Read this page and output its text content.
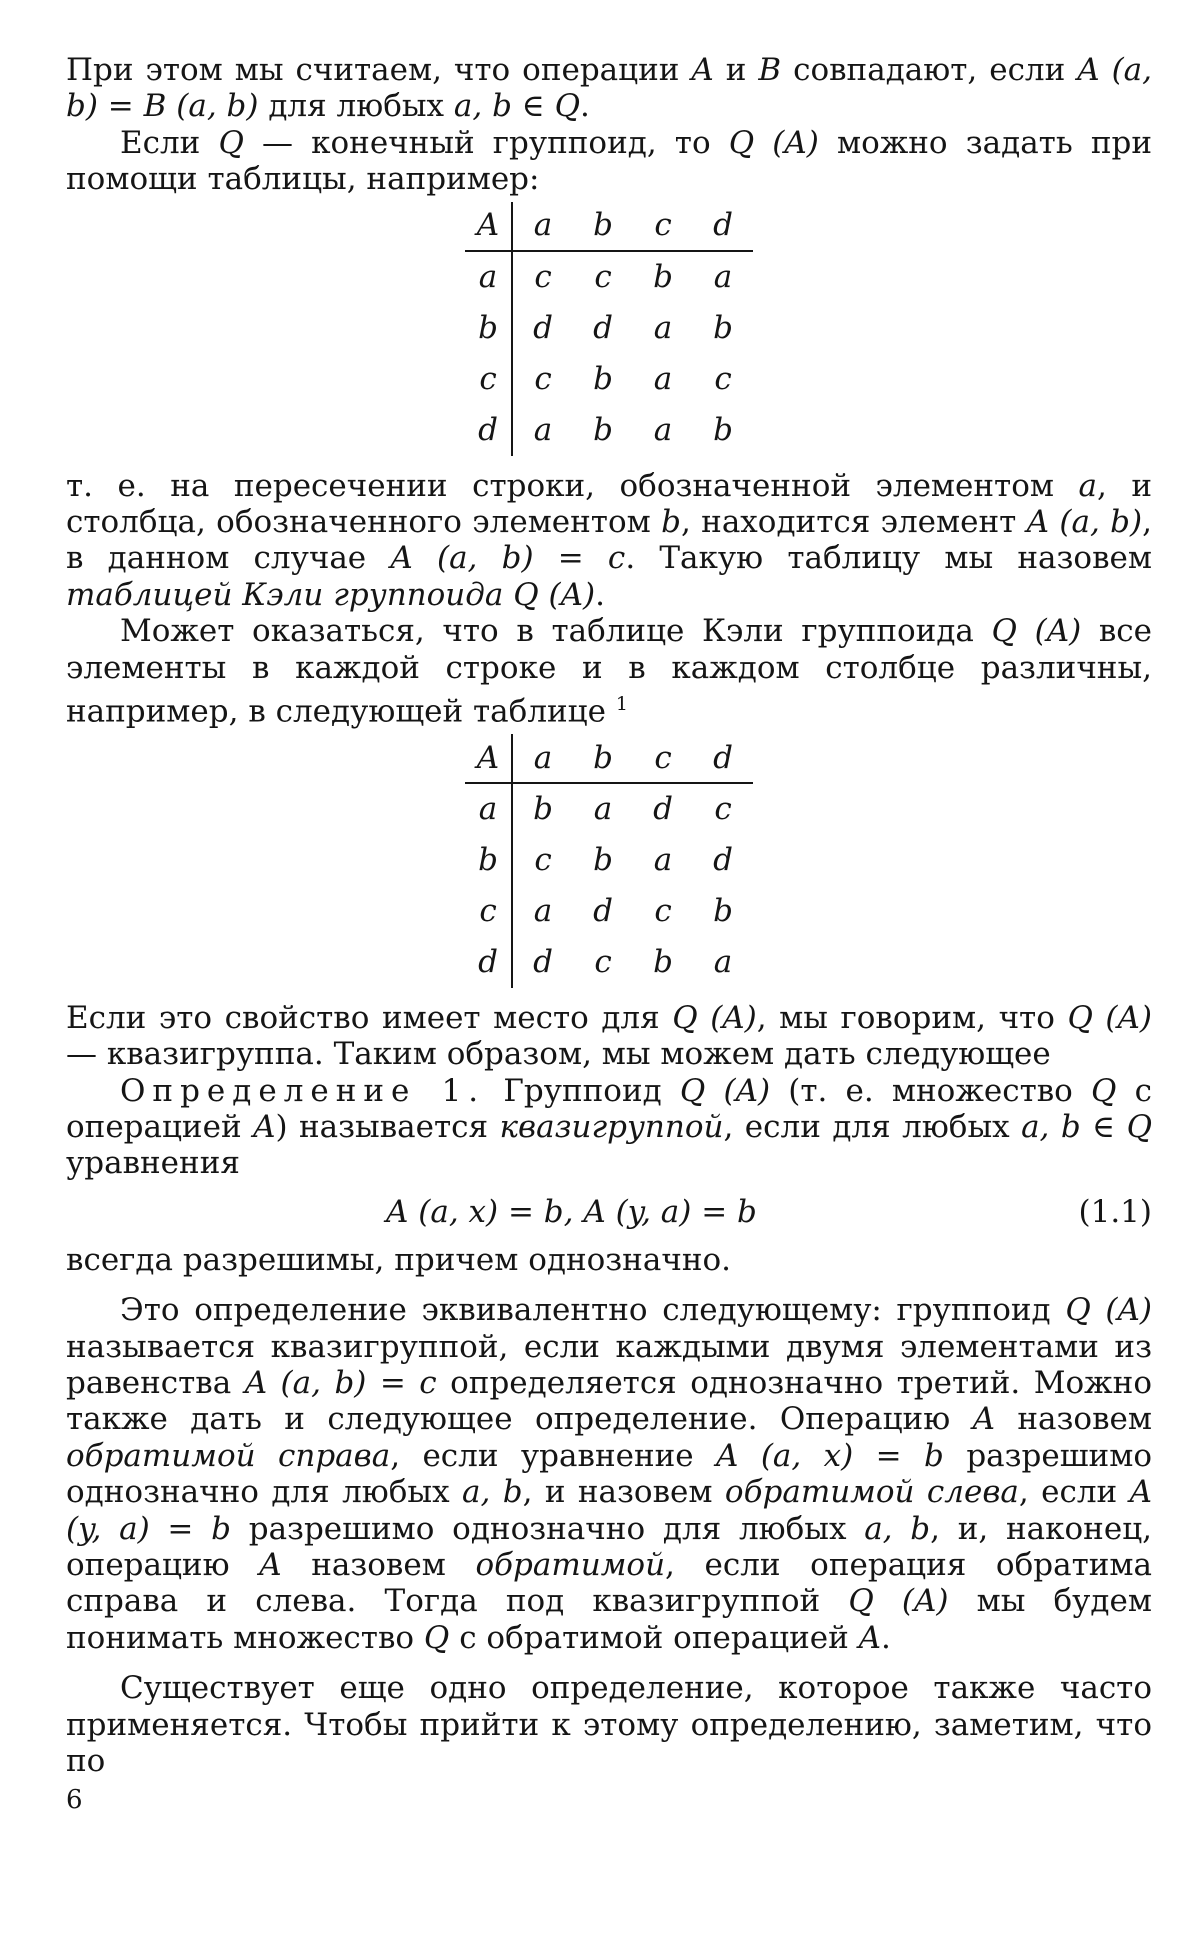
При этом мы считаем, что операции A и B совпадают, если A (a, b) = B (a, b) для любых a, b ∈ Q.

Если Q — конечный группоид, то Q (A) можно задать при помощи таблицы, например:

A	a	b	c	d
a	c	c	b	a
b	d	d	a	b
c	c	b	a	c
d	a	b	a	b

т. е. на пересечении строки, обозначенной элементом a, и столбца, обозначенного элементом b, находится элемент A (a, b), в данном случае A (a, b) = c. Такую таблицу мы назовем таблицей Кэли группоида Q (A).

Может оказаться, что в таблице Кэли группоида Q (A) все элементы в каждой строке и в каждом столбце различны, например, в следующей таблице 1

A	a	b	c	d
a	b	a	d	c
b	c	b	a	d
c	a	d	c	b
d	d	c	b	a

Если это свойство имеет место для Q (A), мы говорим, что Q (A) — квазигруппа. Таким образом, мы можем дать следующее

Определение 1. Группоид Q (A) (т. е. множество Q с операцией A) называется квазигруппой, если для любых a, b ∈ Q уравнения

A (a, x) = b, A (y, a) = b	(1.1)

всегда разрешимы, причем однозначно.

Это определение эквивалентно следующему: группоид Q (A) называется квазигруппой, если каждыми двумя элементами из равенства A (a, b) = c определяется однозначно третий. Можно также дать и следующее определение. Операцию A назовем обратимой справа, если уравнение A (a, x) = b разрешимо однозначно для любых a, b, и назовем обратимой слева, если A (y, a) = b разрешимо однозначно для любых a, b, и, наконец, операцию A назовем обратимой, если операция обратима справа и слева. Тогда под квазигруппой Q (A) мы будем понимать множество Q с обратимой операцией A.

Существует еще одно определение, которое также часто применяется. Чтобы прийти к этому определению, заметим, что по

6
